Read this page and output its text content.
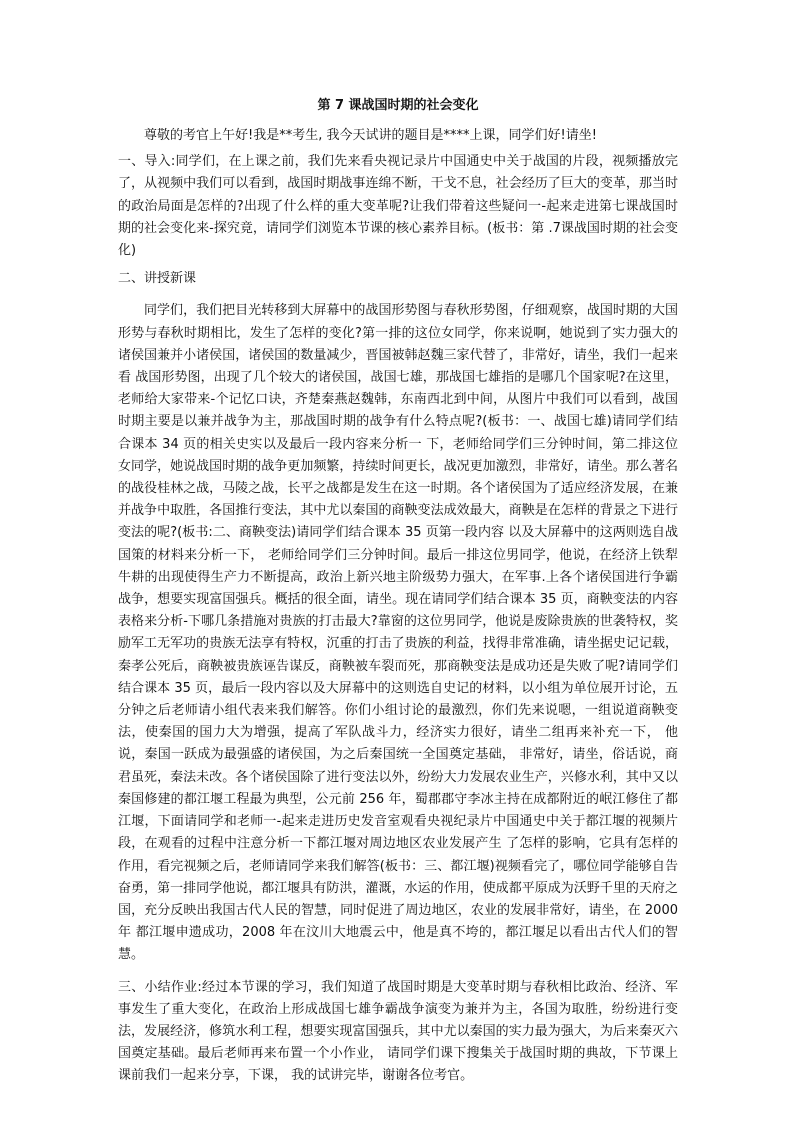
第 7 课战国时期的社会变化

尊敬的考官上午好!我是**考生, 我今天试讲的题目是****上课，同学们好!请坐!

一、导入:同学们，在上课之前，我们先来看央视记录片中国通史中关于战国的片段，视频播放完了，从视频中我们可以看到，战国时期战事连绵不断，干戈不息，社会经历了巨大的变革，那当时的政治局面是怎样的?出现了什么样的重大变革呢?让我们带着这些疑问一-起来走进第七课战国时期的社会变化来-探究竟，请同学们浏览本节课的核心素养目标。(板书：第 .7课战国时期的社会变化)

二、讲授新课

同学们，我们把目光转移到大屏幕中的战国形势图与春秋形势图，仔细观察，战国时期的大国形势与春秋时期相比，发生了怎样的变化?第一排的这位女同学，你来说啊，她说到了实力强大的诸侯国兼并小诸侯国，诸侯国的数量减少，晋国被韩赵魏三家代替了，非常好，请坐，我们一起来看 战国形势图，出现了几个较大的诸侯国，战国七雄，那战国七雄指的是哪几个国家呢?在这里，老师给大家带来-个记忆口诀，齐楚秦燕赵魏韩，东南西北到中间，从图片中我们可以看到，战国时期主要是以兼并战争为主，那战国时期的战争有什么特点呢?(板书：一、战国七雄)请同学们结合课本 34 页的相关史实以及最后一段内容来分析一 下，老师给同学们三分钟时间，第二排这位女同学，她说战国时期的战争更加频繁，持续时间更长，战况更加激烈，非常好，请坐。那么著名的战役桂林之战，马陵之战，长平之战都是发生在这一时期。各个诸侯国为了适应经济发展，在兼并战争中取胜，各国推行变法，其中尤以秦国的商鞅变法成效最大，商鞅是在怎样的背景之下进行变法的呢?(板书:二、商鞅变法)请同学们结合课本 35 页第一段内容 以及大屏幕中的这两则选自战国策的材料来分析一下， 老师给同学们三分钟时间。最后一排这位男同学，他说，在经济上铁犁牛耕的出现使得生产力不断提高，政治上新兴地主阶级势力强大，在军事.上各个诸侯国进行争霸战争，想要实现富国强兵。概括的很全面，请坐。现在请同学们结合课本 35 页，商鞅变法的内容表格来分析-下哪几条措施对贵族的打击最大?靠窗的这位男同学，他说是废除贵族的世袭特权，奖励军工无军功的贵族无法享有特权，沉重的打击了贵族的利益，找得非常准确，请坐据史记记载，秦孝公死后，商鞅被贵族诬告谋反，商鞅被车裂而死，那商鞅变法是成功还是失败了呢?请同学们结合课本 35 页，最后一段内容以及大屏幕中的这则选自史记的材料，以小组为单位展开讨论，五分钟之后老师请小组代表来我们解答。你们小组讨论的最激烈，你们先来说嗯，一组说道商鞅变法，使秦国的国力大为增强，提高了军队战斗力，经济实力很好，请坐二组再来补充一下， 他说，秦国一跃成为最强盛的诸侯国，为之后秦国统一全国奠定基础， 非常好，请坐，俗话说，商君虽死，秦法未改。各个诸侯国除了进行变法以外，纷纷大力发展农业生产，兴修水利，其中又以秦国修建的都江堰工程最为典型，公元前 256 年，蜀郡郡守李冰主持在成都附近的岷江修住了都江堰，下面请同学和老师一-起来走进历史发音室观看央视纪录片中国通史中关于都江堰的视频片段，在观看的过程中注意分析一下都江堰对周边地区农业发展产生 了怎样的影响，它具有怎样的作用，看完视频之后，老师请同学来我们解答(板书：三、都江堰)视频看完了，哪位同学能够自告奋勇，第一排同学他说，都江堰具有防洪，灌溉，水运的作用，使成都平原成为沃野千里的天府之国，充分反映出我国古代人民的智慧，同时促进了周边地区，农业的发展非常好，请坐，在 2000 年 都江堰申遗成功，2008 年在汶川大地震云中，他是真不垮的，都江堰足以看出古代人们的智慧。

三、小结作业:经过本节课的学习，我们知道了战国时期是大变革时期与春秋相比政治、经济、军事发生了重大变化，在政治上形成战国七雄争霸战争演变为兼并为主，各国为取胜，纷纷进行变法，发展经济，修筑水利工程，想要实现富国强兵，其中尤以秦国的实力最为强大，为后来秦灭六国奠定基础。最后老师再来布置一个小作业， 请同学们课下搜集关于战国时期的典故，下节课上课前我们一起来分享，下课， 我的试讲完毕，谢谢各位考官。
